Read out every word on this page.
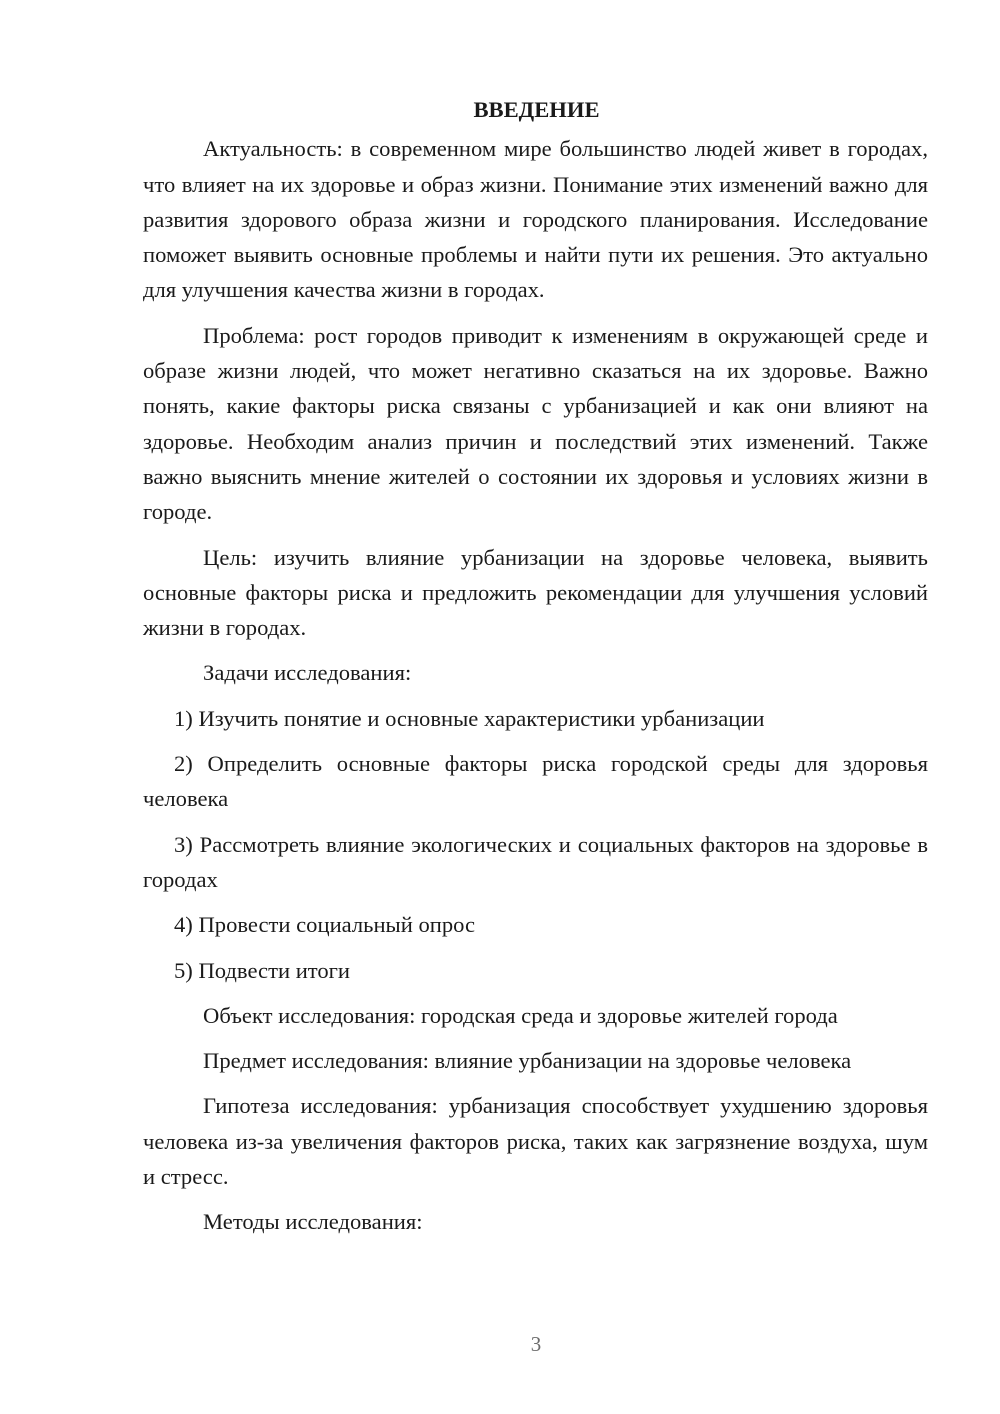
ВВЕДЕНИЕ

Актуальность: в современном мире большинство людей живет в городах, что влияет на их здоровье и образ жизни. Понимание этих изменений важно для развития здорового образа жизни и городского планирования. Исследование поможет выявить основные проблемы и найти пути их решения. Это актуально для улучшения качества жизни в городах.

Проблема: рост городов приводит к изменениям в окружающей среде и образе жизни людей, что может негативно сказаться на их здоровье. Важно понять, какие факторы риска связаны с урбанизацией и как они влияют на здоровье. Необходим анализ причин и последствий этих изменений. Также важно выяснить мнение жителей о состоянии их здоровья и условиях жизни в городе.

Цель: изучить влияние урбанизации на здоровье человека, выявить основные факторы риска и предложить рекомендации для улучшения условий жизни в городах.

Задачи исследования:

1) Изучить понятие и основные характеристики урбанизации

2) Определить основные факторы риска городской среды для здоровья человека

3) Рассмотреть влияние экологических и социальных факторов на здоровье в городах

4) Провести социальный опрос

5) Подвести итоги

Объект исследования: городская среда и здоровье жителей города

Предмет исследования: влияние урбанизации на здоровье человека

Гипотеза исследования: урбанизация способствует ухудшению здоровья человека из-за увеличения факторов риска, таких как загрязнение воздуха, шум и стресс.

Методы исследования:

3
